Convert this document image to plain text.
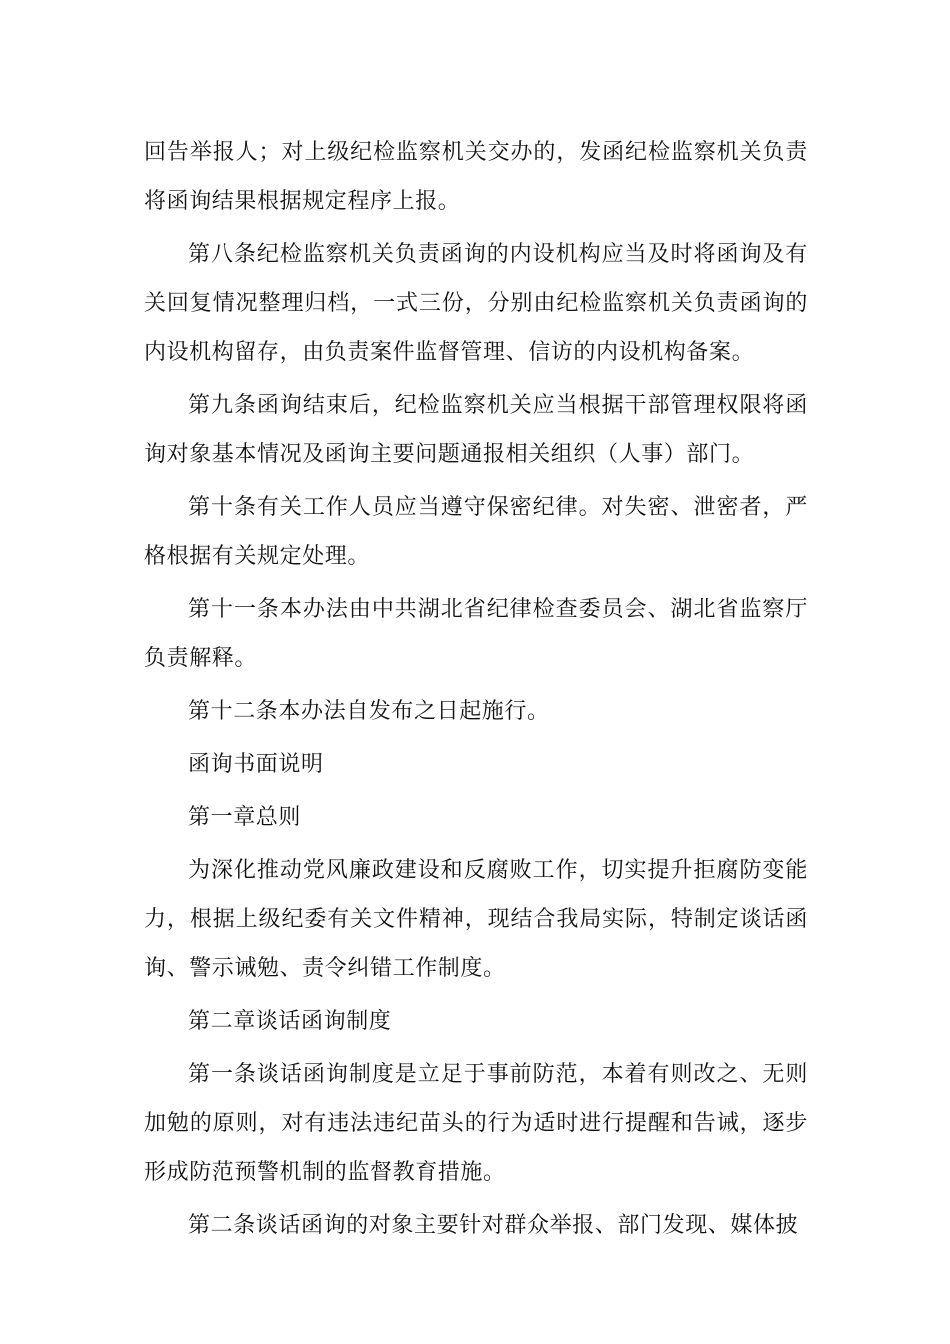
回告举报人；对上级纪检监察机关交办的，发函纪检监察机关负责将函询结果根据规定程序上报。

第八条纪检监察机关负责函询的内设机构应当及时将函询及有关回复情况整理归档，一式三份，分别由纪检监察机关负责函询的内设机构留存，由负责案件监督管理、信访的内设机构备案。

第九条函询结束后，纪检监察机关应当根据干部管理权限将函询对象基本情况及函询主要问题通报相关组织（人事）部门。

第十条有关工作人员应当遵守保密纪律。对失密、泄密者，严格根据有关规定处理。

第十一条本办法由中共湖北省纪律检查委员会、湖北省监察厅负责解释。

第十二条本办法自发布之日起施行。

函询书面说明

第一章总则

为深化推动党风廉政建设和反腐败工作，切实提升拒腐防变能力，根据上级纪委有关文件精神，现结合我局实际，特制定谈话函询、警示诫勉、责令纠错工作制度。

第二章谈话函询制度

第一条谈话函询制度是立足于事前防范，本着有则改之、无则加勉的原则，对有违法违纪苗头的行为适时进行提醒和告诫，逐步形成防范预警机制的监督教育措施。

第二条谈话函询的对象主要针对群众举报、部门发现、媒体披
